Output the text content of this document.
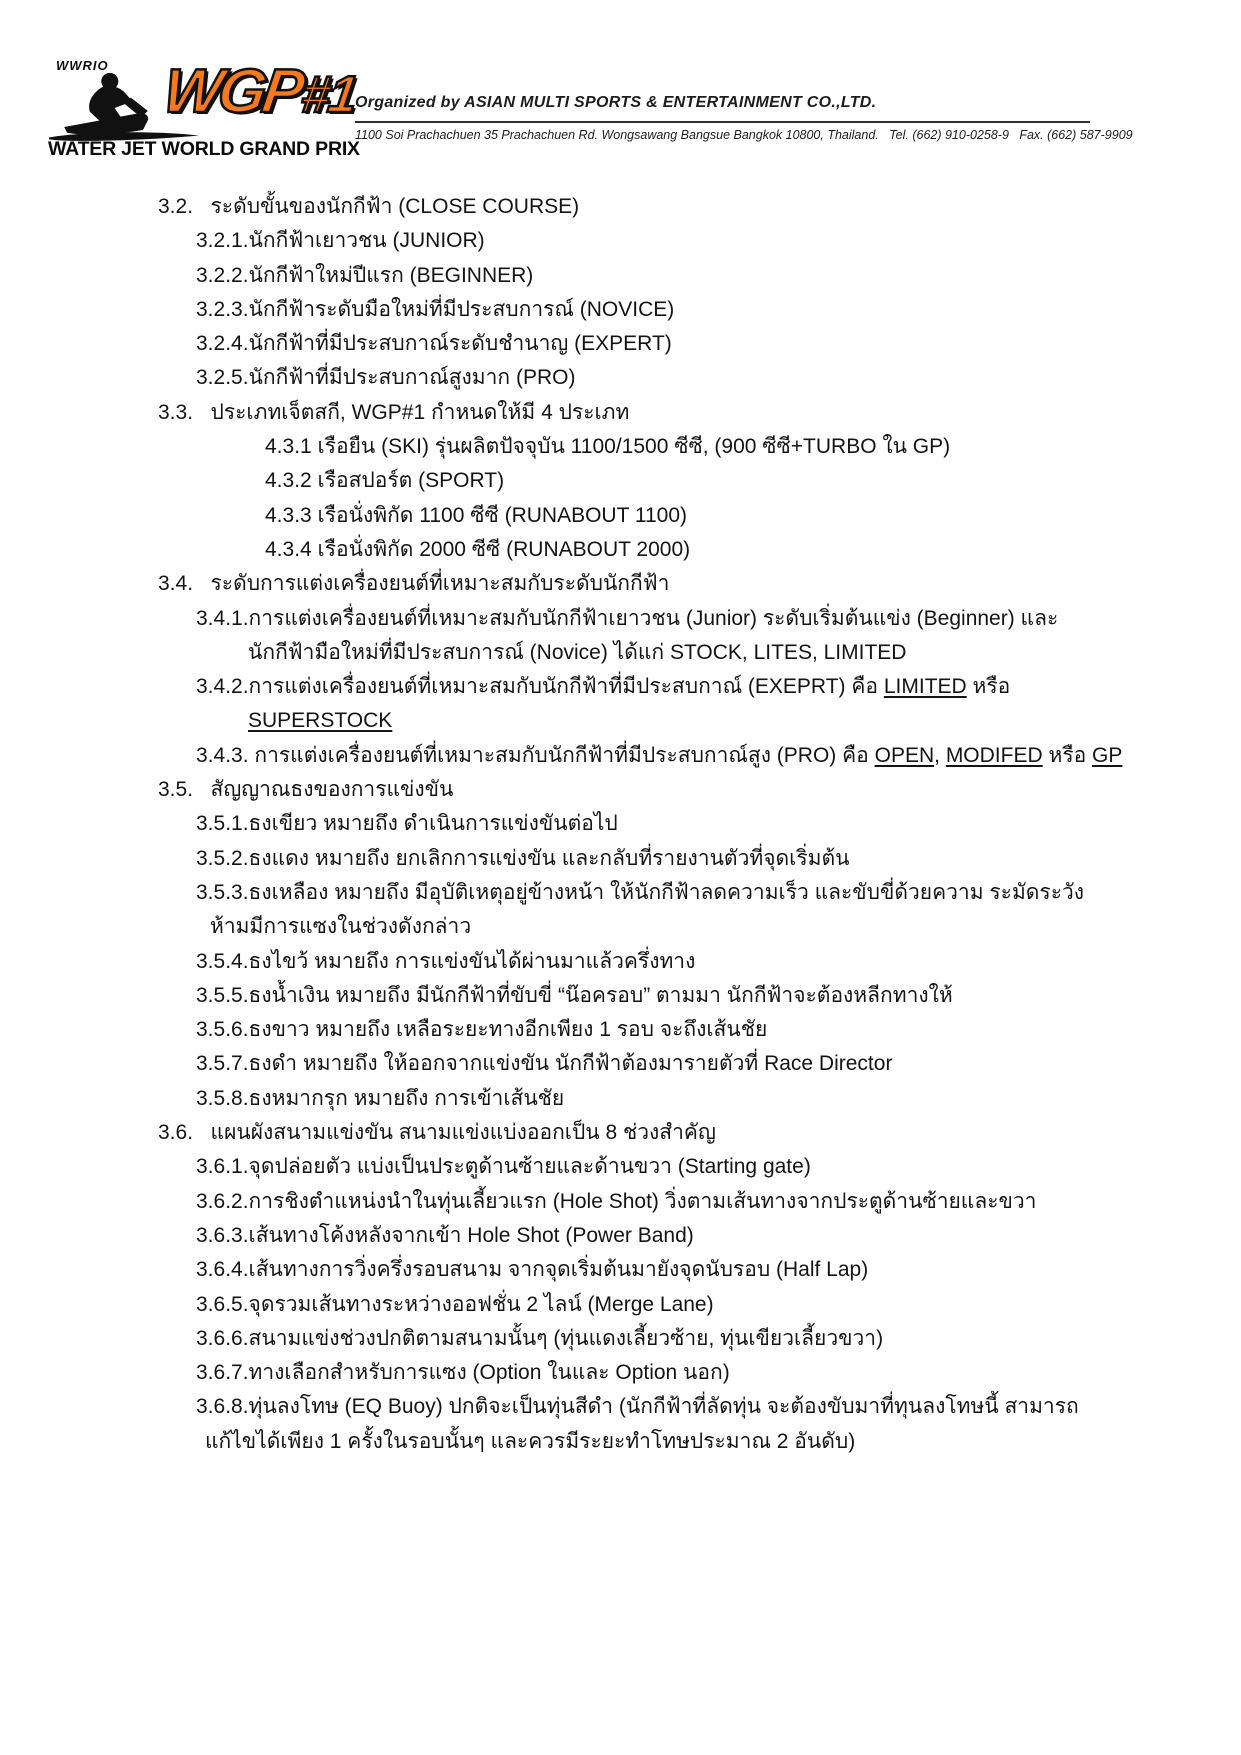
WWRIO WGP#1
WATER JET WORLD GRAND PRIX
Organized by ASIAN MULTI SPORTS & ENTERTAINMENT CO.,LTD.
1100 Soi Prachachuen 35 Prachachuen Rd. Wongsawang Bangsue Bangkok 10800, Thailand.   Tel. (662) 910-0258-9   Fax. (662) 587-9909
3.2.   ระดับขั้นของนักกีฟ้า (CLOSE COURSE)
3.2.1.นักกีฟ้าเยาวชน (JUNIOR)
3.2.2.นักกีฟ้าใหม่ปีแรก (BEGINNER)
3.2.3.นักกีฟ้าระดับมือใหม่ที่มีประสบการณ์ (NOVICE)
3.2.4.นักกีฟ้าที่มีประสบกาณ์ระดับชำนาญ (EXPERT)
3.2.5.นักกีฟ้าที่มีประสบกาณ์สูงมาก (PRO)
3.3.   ประเภทเจ็ตสกี, WGP#1 กำหนดให้มี 4 ประเภท
4.3.1 เรือยืน (SKI) รุ่นผลิตปัจจุบัน 1100/1500 ซีซี, (900 ซีซี+TURBO ใน GP)
4.3.2 เรือสปอร์ต (SPORT)
4.3.3 เรือนั่งพิกัด 1100 ซีซี (RUNABOUT 1100)
4.3.4 เรือนั่งพิกัด 2000 ซีซี (RUNABOUT 2000)
3.4.   ระดับการแต่งเครื่องยนต์ที่เหมาะสมกับระดับนักกีฟ้า
3.4.1.การแต่งเครื่องยนต์ที่เหมาะสมกับนักกีฟ้าเยาวชน (Junior) ระดับเริ่มต้นแข่ง (Beginner) และ
นักกีฟ้ามือใหม่ที่มีประสบการณ์ (Novice) ได้แก่ STOCK, LITES, LIMITED
3.4.2.การแต่งเครื่องยนต์ที่เหมาะสมกับนักกีฟ้าที่มีประสบกาณ์ (EXEPRT) คือ LIMITED หรือ
SUPERSTOCK
3.4.3. การแต่งเครื่องยนต์ที่เหมาะสมกับนักกีฟ้าที่มีประสบกาณ์สูง (PRO) คือ OPEN, MODIFED หรือ GP
3.5.   สัญญาณธงของการแข่งขัน
3.5.1.ธงเขียว หมายถึง ดำเนินการแข่งขันต่อไป
3.5.2.ธงแดง หมายถึง ยกเลิกการแข่งขัน และกลับที่รายงานตัวที่จุดเริ่มต้น
3.5.3.ธงเหลือง หมายถึง มีอุบัติเหตุอยู่ข้างหน้า ให้นักกีฟ้าลดความเร็ว และขับขี่ด้วยความ ระมัดระวัง
ห้ามมีการแซงในช่วงดังกล่าว
3.5.4.ธงไขว้ หมายถึง การแข่งขันได้ผ่านมาแล้วครึ่งทาง
3.5.5.ธงน้ำเงิน หมายถึง มีนักกีฟ้าที่ขับขี่ “น๊อครอบ” ตามมา นักกีฟ้าจะต้องหลีกทางให้
3.5.6.ธงขาว หมายถึง เหลือระยะทางอีกเพียง 1 รอบ จะถึงเส้นชัย
3.5.7.ธงดำ หมายถึง ให้ออกจากแข่งขัน นักกีฟ้าต้องมารายตัวที่ Race Director
3.5.8.ธงหมากรุก หมายถึง การเข้าเส้นชัย
3.6.   แผนผังสนามแข่งขัน สนามแข่งแบ่งออกเป็น 8 ช่วงสำคัญ
3.6.1.จุดปล่อยตัว แบ่งเป็นประตูด้านซ้ายและด้านขวา (Starting gate)
3.6.2.การชิงตำแหน่งนำในทุ่นเลี้ยวแรก (Hole Shot) วิ่งตามเส้นทางจากประตูด้านซ้ายและขวา
3.6.3.เส้นทางโค้งหลังจากเข้า Hole Shot (Power Band)
3.6.4.เส้นทางการวิ่งครึ่งรอบสนาม จากจุดเริ่มต้นมายังจุดนับรอบ (Half Lap)
3.6.5.จุดรวมเส้นทางระหว่างออฟชั่น 2 ไลน์ (Merge Lane)
3.6.6.สนามแข่งช่วงปกติตามสนามนั้นๆ (ทุ่นแดงเลี้ยวซ้าย, ทุ่นเขียวเลี้ยวขวา)
3.6.7.ทางเลือกสำหรับการแซง (Option ในและ Option นอก)
3.6.8.ทุ่นลงโทษ (EQ Buoy) ปกติจะเป็นทุ่นสีดำ (นักกีฟ้าที่ลัดทุ่น จะต้องขับมาที่ทุนลงโทษนี้ สามารถ
แก้ไขได้เพียง 1 ครั้งในรอบนั้นๆ และควรมีระยะทำโทษประมาณ 2 อันดับ)
